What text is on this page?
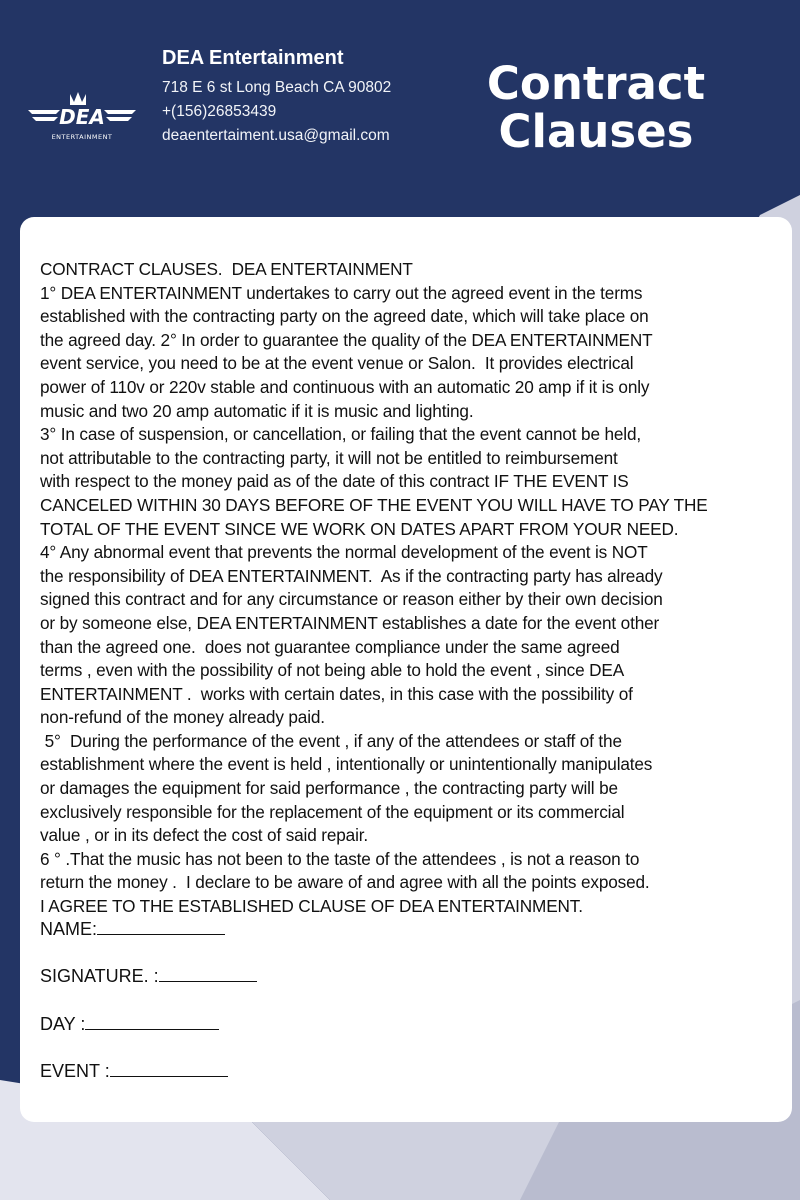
DEA
ENTERTAINMENT
DEA Entertainment
718 E 6 st Long Beach CA 90802
+(156)26853439
deaentertaiment.usa@gmail.com
Contract
Clauses

CONTRACT CLAUSES.  DEA ENTERTAINMENT

1° DEA ENTERTAINMENT undertakes to carry out the agreed event in the terms

established with the contracting party on the agreed date, which will take place on

the agreed day. 2° In order to guarantee the quality of the DEA ENTERTAINMENT

event service, you need to be at the event venue or Salon.  It provides electrical

power of 110v or 220v stable and continuous with an automatic 20 amp if it is only

music and two 20 amp automatic if it is music and lighting.

3° In case of suspension, or cancellation, or failing that the event cannot be held,

not attributable to the contracting party, it will not be entitled to reimbursement

with respect to the money paid as of the date of this contract IF THE EVENT IS

CANCELED WITHIN 30 DAYS BEFORE OF THE EVENT YOU WILL HAVE TO PAY THE

TOTAL OF THE EVENT SINCE WE WORK ON DATES APART FROM YOUR NEED.

4° Any abnormal event that prevents the normal development of the event is NOT

the responsibility of DEA ENTERTAINMENT.  As if the contracting party has already

signed this contract and for any circumstance or reason either by their own decision

or by someone else, DEA ENTERTAINMENT establishes a date for the event other

than the agreed one.  does not guarantee compliance under the same agreed

terms , even with the possibility of not being able to hold the event , since DEA

ENTERTAINMENT .  works with certain dates, in this case with the possibility of

non-refund of the money already paid.

5°  During the performance of the event , if any of the attendees or staff of the

establishment where the event is held , intentionally or unintentionally manipulates

or damages the equipment for said performance , the contracting party will be

exclusively responsible for the replacement of the equipment or its commercial

value , or in its defect the cost of said repair.

6 ° .That the music has not been to the taste of the attendees , is not a reason to

return the money .  I declare to be aware of and agree with all the points exposed.

I AGREE TO THE ESTABLISHED CLAUSE OF DEA ENTERTAINMENT.

NAME:
SIGNATURE. :
DAY :
EVENT :
